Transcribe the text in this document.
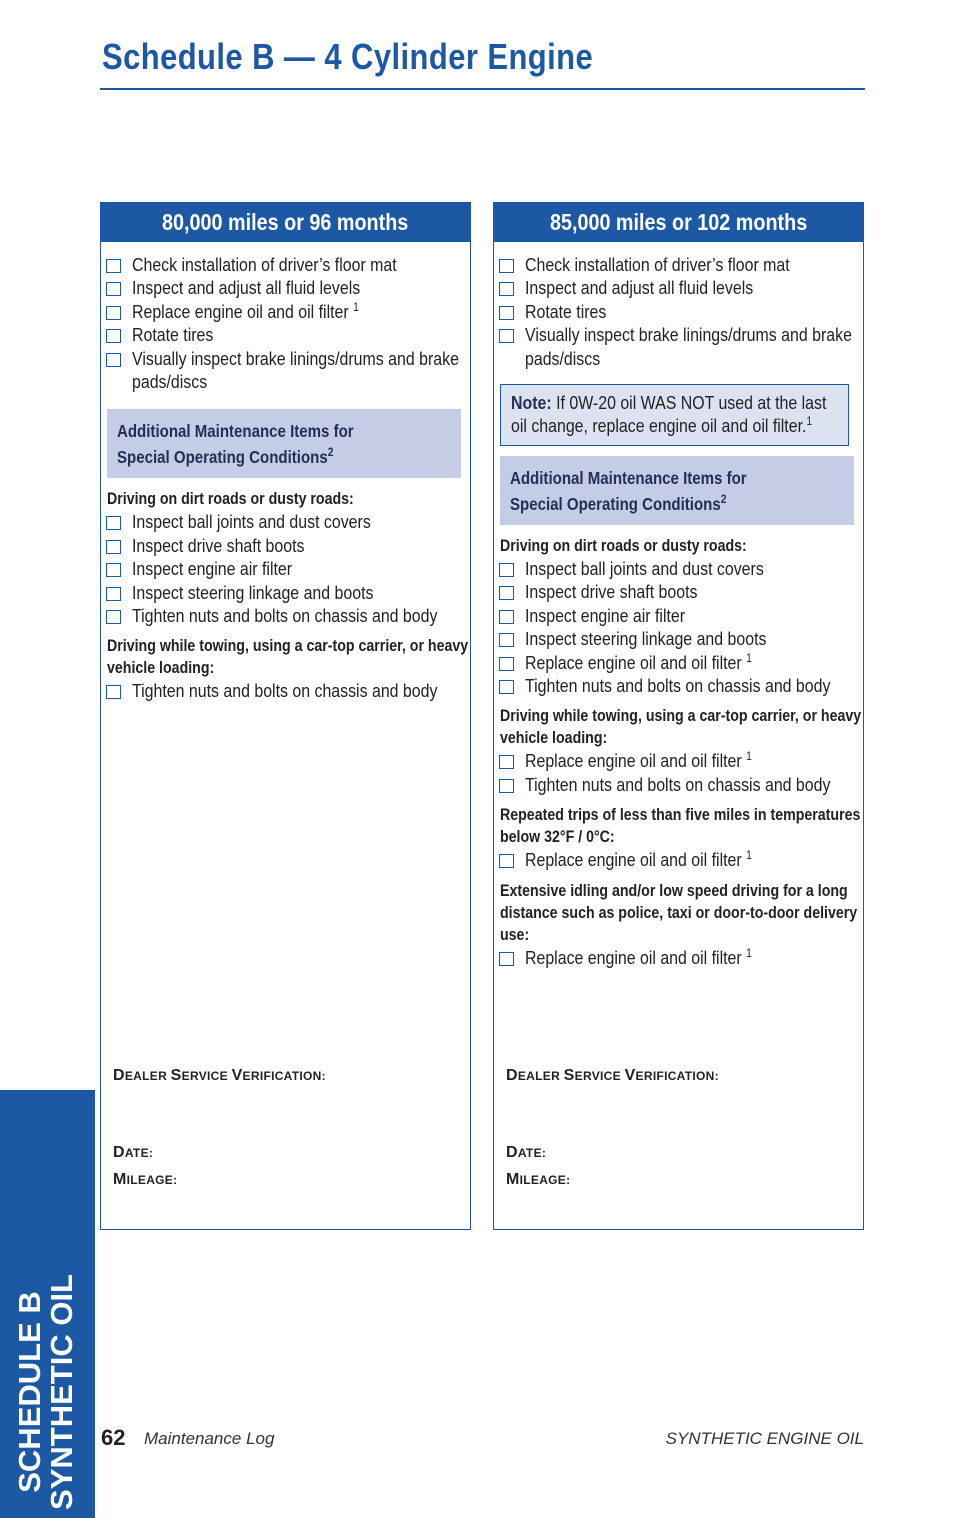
Schedule B — 4 Cylinder Engine
80,000 miles or 96 months
Check installation of driver’s floor mat
Inspect and adjust all fluid levels
Replace engine oil and oil filter $^1$
Rotate tires
Visually inspect brake linings/drums and brake pads/discs
Additional Maintenance Items for
Special Operating Conditions$^2$
Driving on dirt roads or dusty roads:
Inspect ball joints and dust covers
Inspect drive shaft boots
Inspect engine air filter
Inspect steering linkage and boots
Tighten nuts and bolts on chassis and body
Driving while towing, using a car-top carrier, or heavy vehicle loading:
Tighten nuts and bolts on chassis and body
DEALER SERVICE VERIFICATION:
DATE:
MILEAGE:
85,000 miles or 102 months
Check installation of driver’s floor mat
Inspect and adjust all fluid levels
Rotate tires
Visually inspect brake linings/drums and brake pads/discs
Note: If 0W-20 oil WAS NOT used at the last oil change, replace engine oil and oil filter.$^1$
Additional Maintenance Items for
Special Operating Conditions$^2$
Driving on dirt roads or dusty roads:
Inspect ball joints and dust covers
Inspect drive shaft boots
Inspect engine air filter
Inspect steering linkage and boots
Replace engine oil and oil filter $^1$
Tighten nuts and bolts on chassis and body
Driving while towing, using a car-top carrier, or heavy vehicle loading:
Replace engine oil and oil filter $^1$
Tighten nuts and bolts on chassis and body
Repeated trips of less than five miles in temperatures below 32°F / 0°C:
Replace engine oil and oil filter $^1$
Extensive idling and/or low speed driving for a long distance such as police, taxi or door-to-door delivery use:
Replace engine oil and oil filter $^1$
DEALER SERVICE VERIFICATION:
DATE:
MILEAGE:
SCHEDULE B
SYNTHETIC OIL 62 Maintenance Log	SYNTHETIC ENGINE OIL
